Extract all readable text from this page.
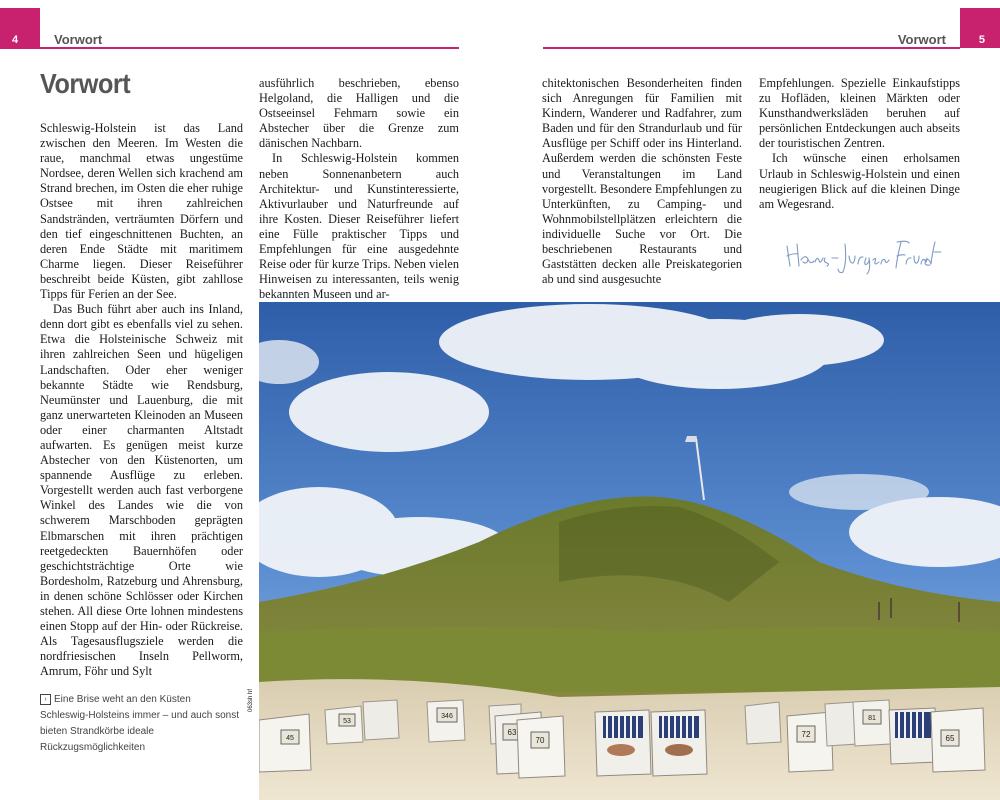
4	Vorwort	5
Vorwort
Vorwort

Schleswig-Holstein ist das Land zwischen den Meeren. Im Westen die raue, manchmal etwas ungestüme Nordsee, deren Wellen sich krachend am Strand brechen, im Osten die eher ruhige Ostsee mit ihren zahlreichen Sandstränden, verträumten Dörfern und den tief eingeschnittenen Buchten, an deren Ende Städte mit maritimem Charme liegen. Dieser Reiseführer beschreibt beide Küsten, gibt zahllose Tipps für Ferien an der See.

Das Buch führt aber auch ins Inland, denn dort gibt es ebenfalls viel zu sehen. Etwa die Holsteinische Schweiz mit ihren zahlreichen Seen und hügeligen Landschaften. Oder eher weniger bekannte Städte wie Rendsburg, Neumünster und Lauenburg, die mit ganz unerwarteten Kleinoden an Museen oder einer charmanten Altstadt aufwarten. Es genügen meist kurze Abstecher von den Küstenorten, um spannende Ausflüge zu erleben. Vorgestellt werden auch fast verborgene Winkel des Landes wie die von schwerem Marschboden geprägten Elbmarschen mit ihren prächtigen reetgedeckten Bauernhöfen oder geschichtsträchtige Orte wie Bordesholm, Ratzeburg und Ahrensburg, in denen schöne Schlösser oder Kirchen stehen. All diese Orte lohnen mindestens einen Stopp auf der Hin- oder Rückreise. Als Tagesausflugsziele werden die nordfriesischen Inseln Pellworm, Amrum, Föhr und Sylt

ausführlich beschrieben, ebenso Helgoland, die Halligen und die Ostseeinsel Fehmarn sowie ein Abstecher über die Grenze zum dänischen Nachbarn.

In Schleswig-Holstein kommen neben Sonnenanbetern auch Architektur- und Kunstinteressierte, Aktivurlauber und Naturfreunde auf ihre Kosten. Dieser Reiseführer liefert eine Fülle praktischer Tipps und Empfehlungen für eine ausgedehnte Reise oder für kurze Trips. Neben vielen Hinweisen zu interessanten, teils wenig bekannten Museen und ar-

chitektonischen Besonderheiten finden sich Anregungen für Familien mit Kindern, Wanderer und Radfahrer, zum Baden und für den Strandurlaub und für Ausflüge per Schiff oder ins Hinterland. Außerdem werden die schönsten Feste und Veranstaltungen im Land vorgestellt. Besondere Empfehlungen zu Unterkünften, zu Camping- und Wohnmobilstellplätzen erleichtern die individuelle Suche vor Ort. Die beschriebenen Restaurants und Gaststätten decken alle Preiskategorien ab und sind ausgesuchte

Empfehlungen. Spezielle Einkaufstipps zu Hofläden, kleinen Märkten oder Kunsthandwerksläden beruhen auf persönlichen Entdeckungen auch abseits der touristischen Zentren.

Ich wünsche einen erholsamen Urlaub in Schleswig-Holstein und einen neugierigen Blick auf die kleinen Dinge am Wegesrand.

› Eine Brise weht an den Küsten Schleswig-Holsteins immer – und auch sonst bieten Strandkörbe ideale Rückzugsmöglichkeiten
063sh hf
53
45
346
63
70
72
81
65
